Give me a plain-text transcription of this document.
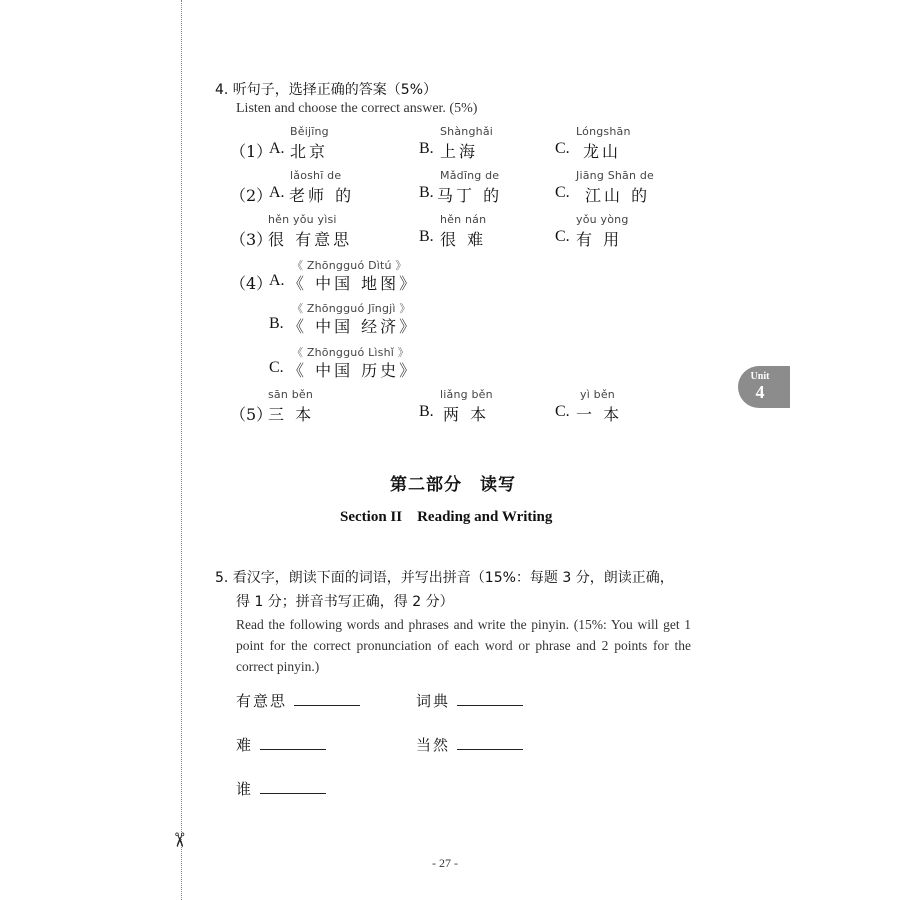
✂
4. 听句子，选择正确的答案（5%）
Listen and choose the correct answer. (5%)
（1）
Běijīng
A. 北京
Shànghǎi
B. 上海
Lóngshān
C. 龙山
（2）
lǎoshī de
A. 老师 的
Mǎdīng de
B. 马丁 的
Jiāng Shān de
C. 江山 的
（3）
hěn yǒu yìsi
很 有意思
hěn nán
B. 很 难
yǒu yòng
C. 有 用
（4）
《 Zhōngguó Dìtú 》
A. 《 中国 地图》
《 Zhōngguó Jīngjì 》
B. 《 中国 经济》
《 Zhōngguó Lìshǐ 》
C. 《 中国 历史》
（5）
sān běn
三 本
liǎng běn
B. 两 本
yì běn
C. 一 本
Unit
4
第二部分　读写
Section II　Reading and Writing
5. 看汉字，朗读下面的词语，并写出拼音（15%：每题 3 分，朗读正确，
得 1 分；拼音书写正确，得 2 分）
Read the following words and phrases and write the pinyin. (15%: You will get 1 point for the correct pronunciation of each word or phrase and 2 points for the correct pinyin.)
有意思	词典
难	当然
谁
- 27 -
